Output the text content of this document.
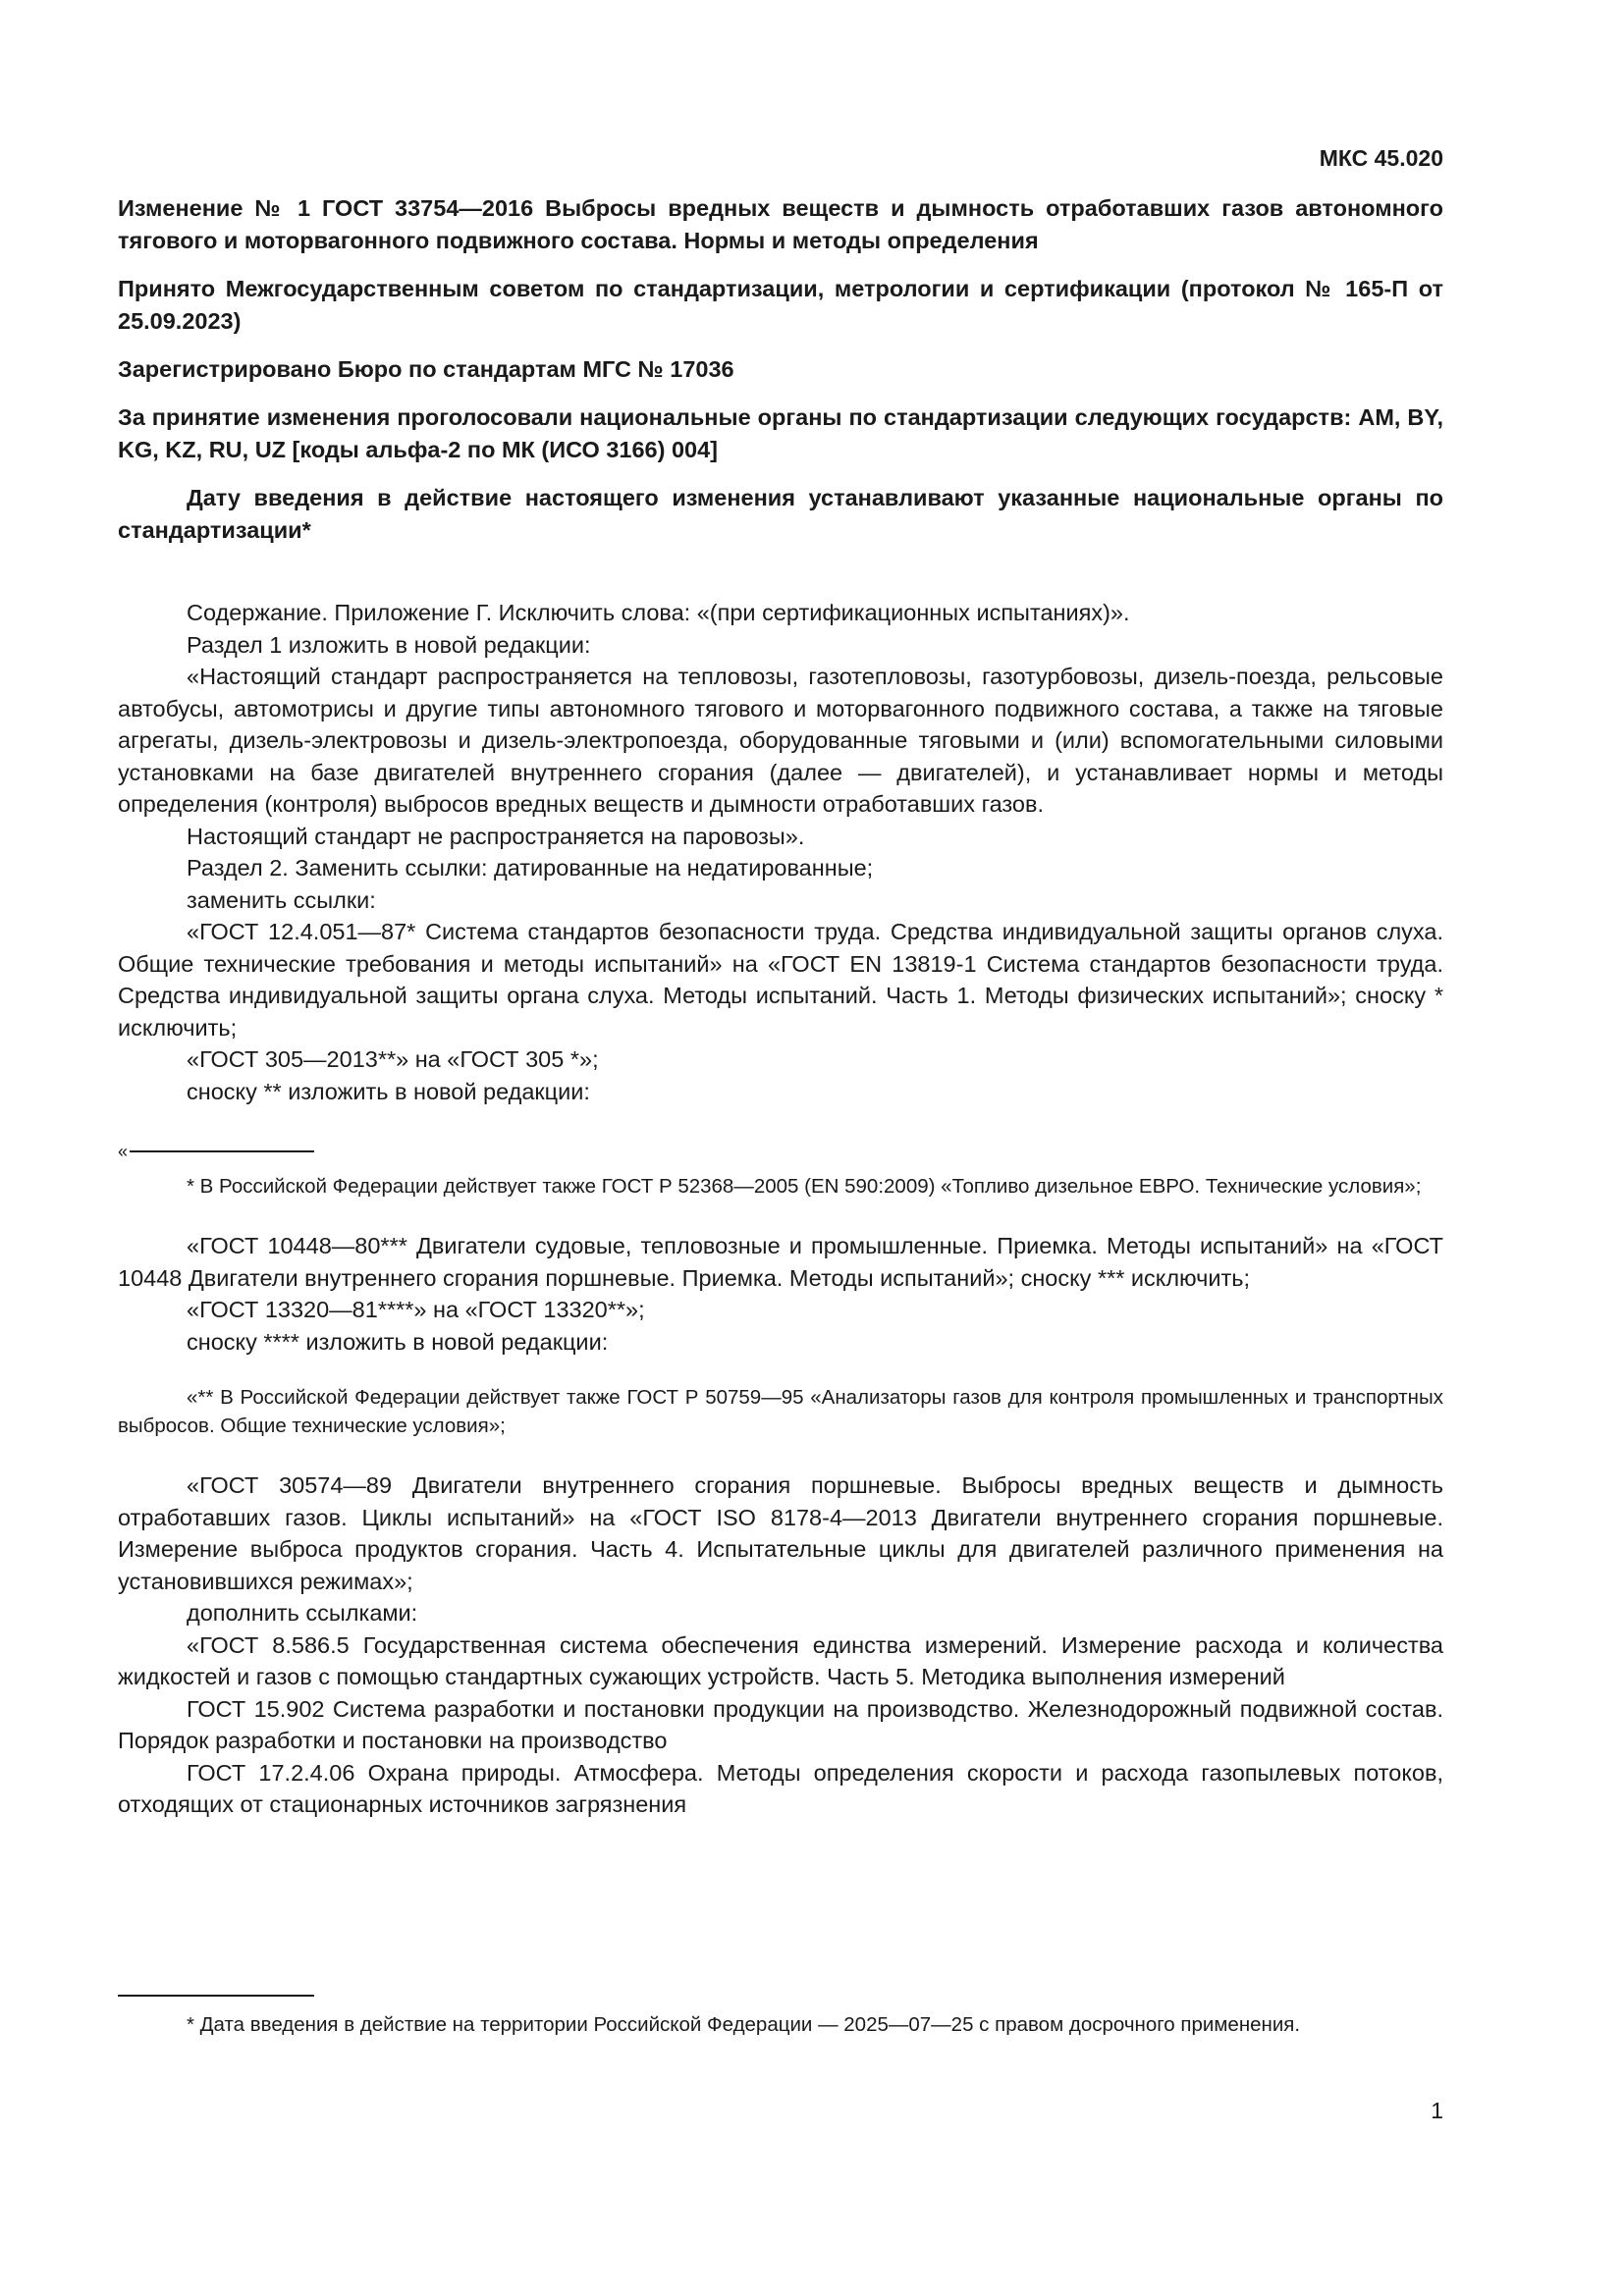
МКС 45.020

Изменение № 1 ГОСТ 33754—2016 Выбросы вредных веществ и дымность отработавших газов автономного тягового и моторвагонного подвижного состава. Нормы и методы определения

Принято Межгосударственным советом по стандартизации, метрологии и сертификации (протокол № 165-П от 25.09.2023)

Зарегистрировано Бюро по стандартам МГС № 17036

За принятие изменения проголосовали национальные органы по стандартизации следующих государств: AM, BY, KG, KZ, RU, UZ [коды альфа-2 по МК (ИСО 3166) 004]

Дату введения в действие настоящего изменения устанавливают указанные национальные органы по стандартизации*

Содержание. Приложение Г. Исключить слова: «(при сертификационных испытаниях)».

Раздел 1 изложить в новой редакции:

«Настоящий стандарт распространяется на тепловозы, газотепловозы, газотурбовозы, дизель-поезда, рельсовые автобусы, автомотрисы и другие типы автономного тягового и моторвагонного подвижного состава, а также на тяговые агрегаты, дизель-электровозы и дизель-электропоезда, оборудованные тяговыми и (или) вспомогательными силовыми установками на базе двигателей внутреннего сгорания (далее — двигателей), и устанавливает нормы и методы определения (контроля) выбросов вредных веществ и дымности отработавших газов.

Настоящий стандарт не распространяется на паровозы».

Раздел 2. Заменить ссылки: датированные на недатированные;

заменить ссылки:

«ГОСТ 12.4.051—87* Система стандартов безопасности труда. Средства индивидуальной защиты органов слуха. Общие технические требования и методы испытаний» на «ГОСТ EN 13819-1 Система стандартов безопасности труда. Средства индивидуальной защиты органа слуха. Методы испытаний. Часть 1. Методы физических испытаний»; сноску * исключить;

«ГОСТ 305—2013**» на «ГОСТ 305 *»;

сноску ** изложить в новой редакции:

«

* В Российской Федерации действует также ГОСТ Р 52368—2005 (EN 590:2009) «Топливо дизельное ЕВРО. Технические условия»;

«ГОСТ 10448—80*** Двигатели судовые, тепловозные и промышленные. Приемка. Методы испытаний» на «ГОСТ 10448 Двигатели внутреннего сгорания поршневые. Приемка. Методы испытаний»; сноску *** исключить;

«ГОСТ 13320—81****» на «ГОСТ 13320**»;

сноску **** изложить в новой редакции:

«** В Российской Федерации действует также ГОСТ Р 50759—95 «Анализаторы газов для контроля промышленных и транспортных выбросов. Общие технические условия»;

«ГОСТ 30574—89 Двигатели внутреннего сгорания поршневые. Выбросы вредных веществ и дымность отработавших газов. Циклы испытаний» на «ГОСТ ISO 8178-4—2013 Двигатели внутреннего сгорания поршневые. Измерение выброса продуктов сгорания. Часть 4. Испытательные циклы для двигателей различного применения на установившихся режимах»;

дополнить ссылками:

«ГОСТ 8.586.5 Государственная система обеспечения единства измерений. Измерение расхода и количества жидкостей и газов с помощью стандартных сужающих устройств. Часть 5. Методика выполнения измерений

ГОСТ 15.902 Система разработки и постановки продукции на производство. Железнодорожный подвижной состав. Порядок разработки и постановки на производство

ГОСТ 17.2.4.06 Охрана природы. Атмосфера. Методы определения скорости и расхода газопылевых потоков, отходящих от стационарных источников загрязнения

* Дата введения в действие на территории Российской Федерации — 2025—07—25 с правом досрочного применения.

1
